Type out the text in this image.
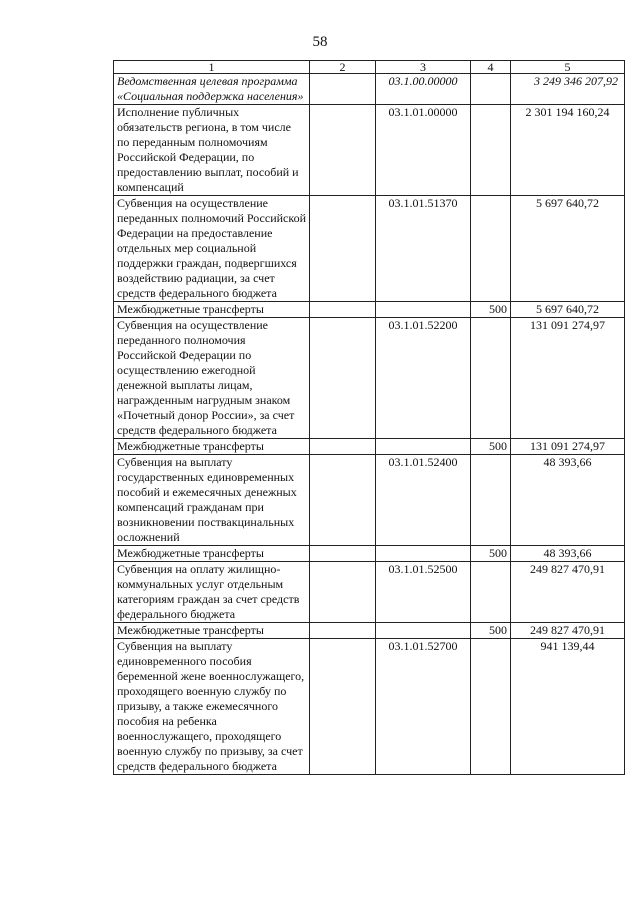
58
1	2	3	4	5
Ведомственная целевая программа «Социальная поддержка населения»		03.1.00.00000		3 249 346 207,92
Исполнение публичных обязательств региона, в том числе по переданным полномочиям Российской Федерации, по предоставлению выплат, пособий и компенсаций		03.1.01.00000		2 301 194 160,24
Субвенция на осуществление переданных полномочий Российской Федерации на предоставление отдельных мер социальной поддержки граждан, подвергшихся воздействию радиации, за счет средств федерального бюджета		03.1.01.51370		5 697 640,72
Межбюджетные трансферты			500	5 697 640,72
Субвенция на осуществление переданного полномочия Российской Федерации по осуществлению ежегодной денежной выплаты лицам, награжденным нагрудным знаком «Почетный донор России», за счет средств федерального бюджета		03.1.01.52200		131 091 274,97
Межбюджетные трансферты			500	131 091 274,97
Субвенция на выплату государственных единовременных пособий и ежемесячных денежных компенсаций гражданам при возникновении поствакцинальных осложнений		03.1.01.52400		48 393,66
Межбюджетные трансферты			500	48 393,66
Субвенция на оплату жилищно-коммунальных услуг отдельным категориям граждан за счет средств федерального бюджета		03.1.01.52500		249 827 470,91
Межбюджетные трансферты			500	249 827 470,91
Субвенция на выплату единовременного пособия беременной жене военнослужащего, проходящего военную службу по призыву, а также ежемесячного пособия на ребенка военнослужащего, проходящего военную службу по призыву, за счет средств федерального бюджета		03.1.01.52700		941 139,44
